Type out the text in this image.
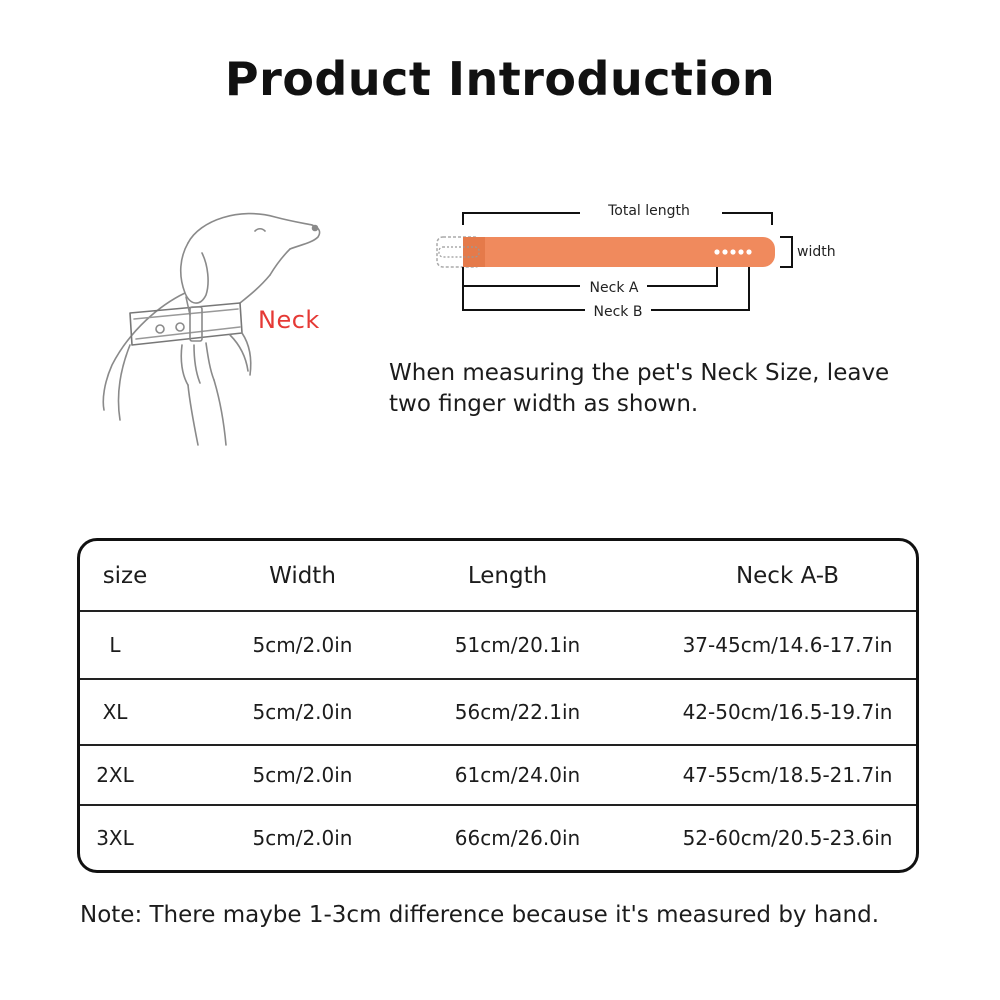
Product Introduction
Neck
Total length
width
Neck A
Neck B
When measuring the pet's Neck Size, leave
two finger width as shown.
size	Width	Length	Neck A-B
L	5cm/2.0in	51cm/20.1in	37-45cm/14.6-17.7in
XL	5cm/2.0in	56cm/22.1in	42-50cm/16.5-19.7in
2XL	5cm/2.0in	61cm/24.0in	47-55cm/18.5-21.7in
3XL	5cm/2.0in	66cm/26.0in	52-60cm/20.5-23.6in
Note: There maybe 1-3cm difference because it's measured by hand.
